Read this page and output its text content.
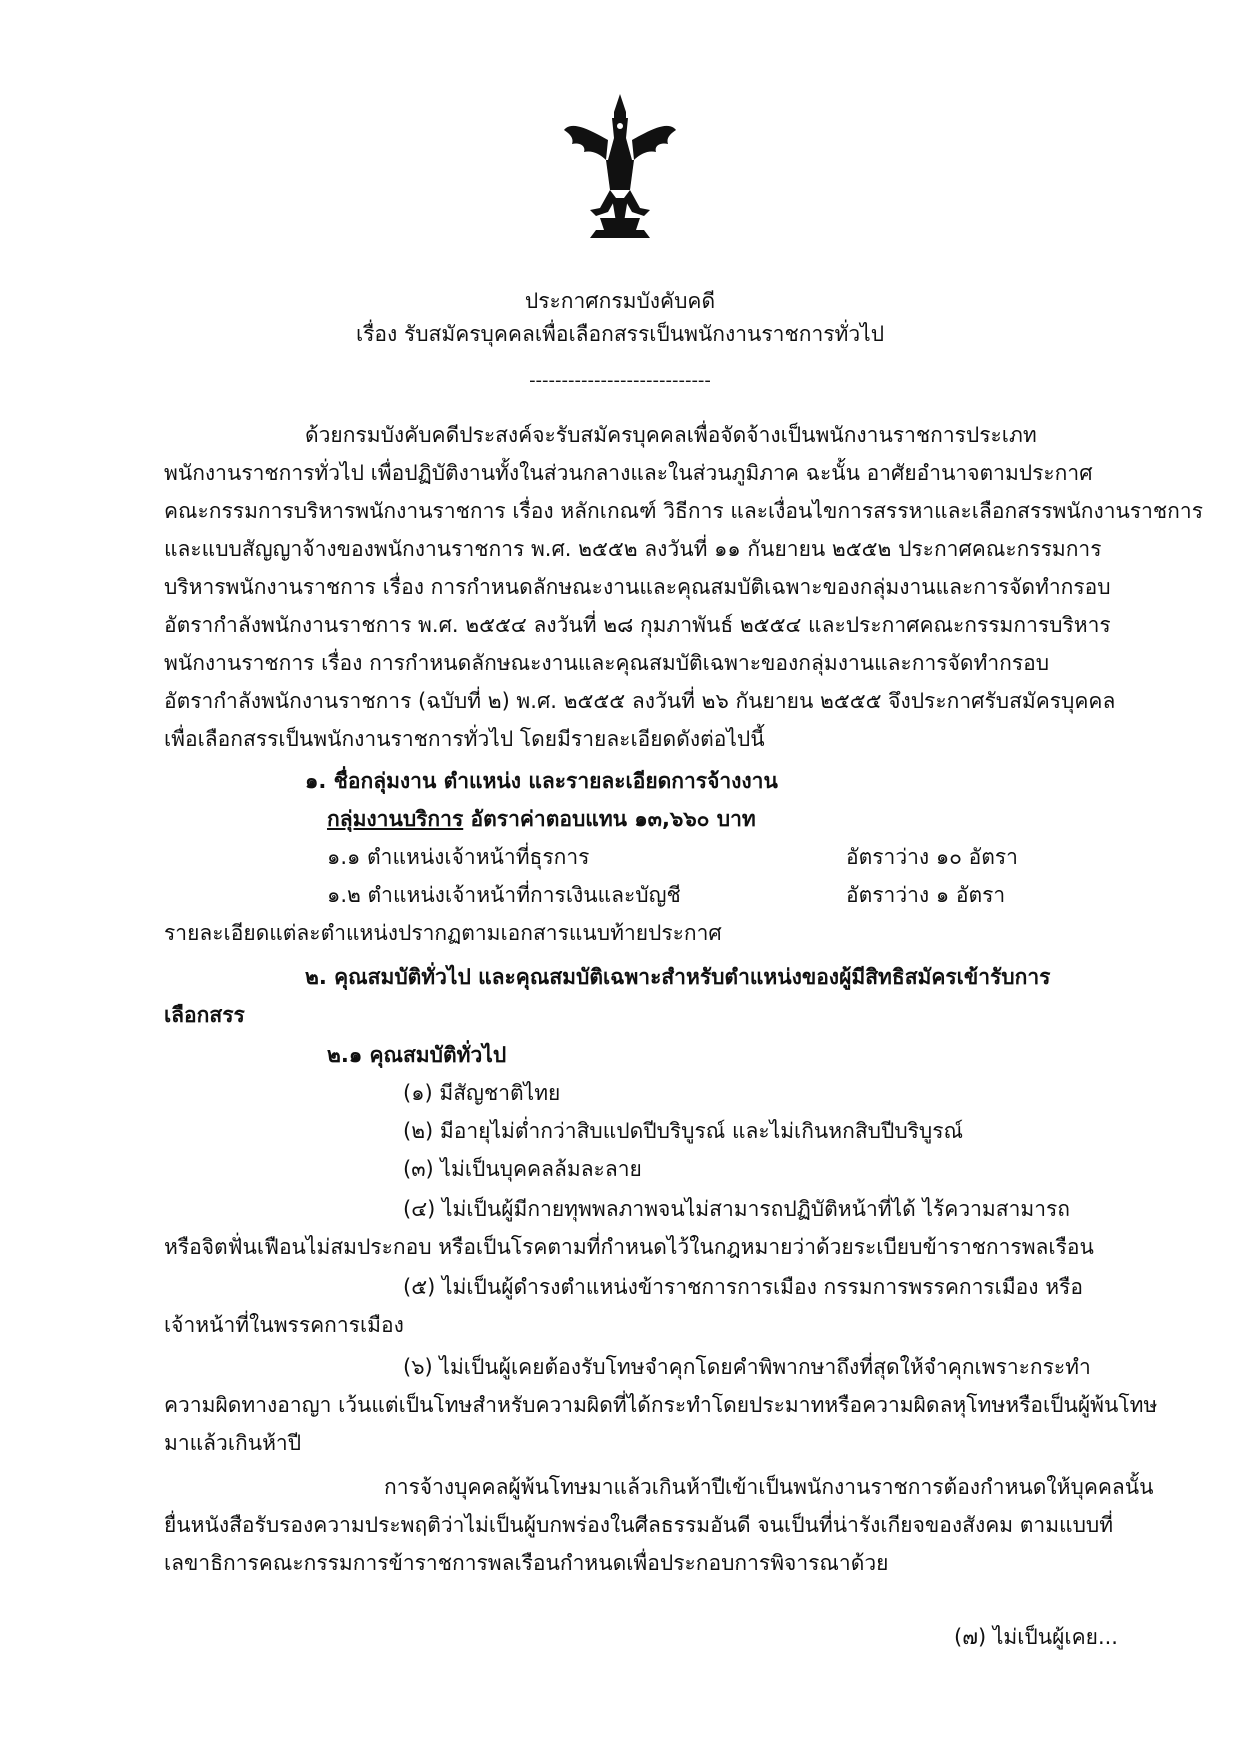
ประกาศกรมบังคับคดี
เรื่อง รับสมัครบุคคลเพื่อเลือกสรรเป็นพนักงานราชการทั่วไป
----------------------------
ด้วยกรมบังคับคดีประสงค์จะรับสมัครบุคคลเพื่อจัดจ้างเป็นพนักงานราชการประเภท
พนักงานราชการทั่วไป เพื่อปฏิบัติงานทั้งในส่วนกลางและในส่วนภูมิภาค ฉะนั้น อาศัยอำนาจตามประกาศ
คณะกรรมการบริหารพนักงานราชการ เรื่อง หลักเกณฑ์ วิธีการ และเงื่อนไขการสรรหาและเลือกสรรพนักงานราชการ
และแบบสัญญาจ้างของพนักงานราชการ พ.ศ. ๒๕๕๒ ลงวันที่ ๑๑ กันยายน ๒๕๕๒ ประกาศคณะกรรมการ
บริหารพนักงานราชการ เรื่อง การกำหนดลักษณะงานและคุณสมบัติเฉพาะของกลุ่มงานและการจัดทำกรอบ
อัตรากำลังพนักงานราชการ พ.ศ. ๒๕๕๔ ลงวันที่ ๒๘ กุมภาพันธ์ ๒๕๕๔ และประกาศคณะกรรมการบริหาร
พนักงานราชการ เรื่อง การกำหนดลักษณะงานและคุณสมบัติเฉพาะของกลุ่มงานและการจัดทำกรอบ
อัตรากำลังพนักงานราชการ (ฉบับที่ ๒) พ.ศ. ๒๕๕๕ ลงวันที่ ๒๖ กันยายน ๒๕๕๕ จึงประกาศรับสมัครบุคคล
เพื่อเลือกสรรเป็นพนักงานราชการทั่วไป โดยมีรายละเอียดดังต่อไปนี้
๑. ชื่อกลุ่มงาน ตำแหน่ง และรายละเอียดการจ้างงาน
กลุ่มงานบริการ อัตราค่าตอบแทน ๑๓,๖๖๐ บาท
๑.๑ ตำแหน่งเจ้าหน้าที่ธุรการ	อัตราว่าง ๑๐ อัตรา
๑.๒ ตำแหน่งเจ้าหน้าที่การเงินและบัญชี	อัตราว่าง ๑ อัตรา
รายละเอียดแต่ละตำแหน่งปรากฏตามเอกสารแนบท้ายประกาศ
๒. คุณสมบัติทั่วไป และคุณสมบัติเฉพาะสำหรับตำแหน่งของผู้มีสิทธิสมัครเข้ารับการ
เลือกสรร
๒.๑ คุณสมบัติทั่วไป
(๑) มีสัญชาติไทย
(๒) มีอายุไม่ต่ำกว่าสิบแปดปีบริบูรณ์ และไม่เกินหกสิบปีบริบูรณ์
(๓) ไม่เป็นบุคคลล้มละลาย
(๔) ไม่เป็นผู้มีกายทุพพลภาพจนไม่สามารถปฏิบัติหน้าที่ได้ ไร้ความสามารถ
หรือจิตฟั่นเฟือนไม่สมประกอบ หรือเป็นโรคตามที่กำหนดไว้ในกฎหมายว่าด้วยระเบียบข้าราชการพลเรือน
(๕) ไม่เป็นผู้ดำรงตำแหน่งข้าราชการการเมือง กรรมการพรรคการเมือง หรือ
เจ้าหน้าที่ในพรรคการเมือง
(๖) ไม่เป็นผู้เคยต้องรับโทษจำคุกโดยคำพิพากษาถึงที่สุดให้จำคุกเพราะกระทำ
ความผิดทางอาญา เว้นแต่เป็นโทษสำหรับความผิดที่ได้กระทำโดยประมาทหรือความผิดลหุโทษหรือเป็นผู้พ้นโทษ
มาแล้วเกินห้าปี
การจ้างบุคคลผู้พ้นโทษมาแล้วเกินห้าปีเข้าเป็นพนักงานราชการต้องกำหนดให้บุคคลนั้น
ยื่นหนังสือรับรองความประพฤติว่าไม่เป็นผู้บกพร่องในศีลธรรมอันดี จนเป็นที่น่ารังเกียจของสังคม ตามแบบที่
เลขาธิการคณะกรรมการข้าราชการพลเรือนกำหนดเพื่อประกอบการพิจารณาด้วย
(๗) ไม่เป็นผู้เคย...
